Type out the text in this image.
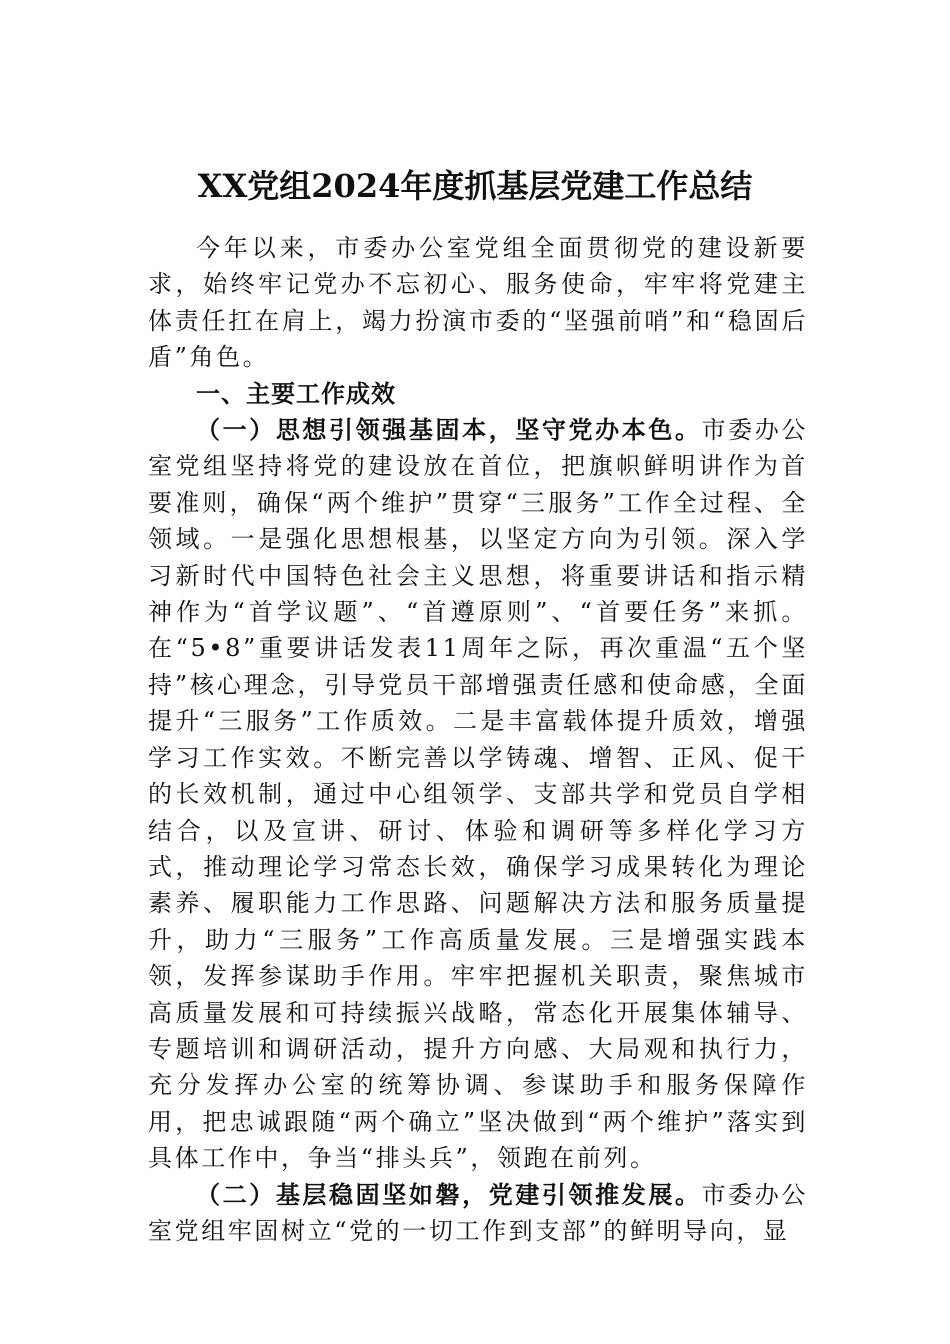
XX党组2024年度抓基层党建工作总结

今年以来，市委办公室党组全面贯彻党的建设新要求，始终牢记党办不忘初心、服务使命，牢牢将党建主体责任扛在肩上，竭力扮演市委的“坚强前哨”和“稳固后盾”角色。

一、主要工作成效

（一）思想引领强基固本，坚守党办本色。市委办公室党组坚持将党的建设放在首位，把旗帜鲜明讲作为首要准则，确保“两个维护”贯穿“三服务”工作全过程、全领域。一是强化思想根基，以坚定方向为引领。深入学习新时代中国特色社会主义思想，将重要讲话和指示精神作为“首学议题”、“首遵原则”、“首要任务”来抓。在“5•8”重要讲话发表11周年之际，再次重温“五个坚持”核心理念，引导党员干部增强责任感和使命感，全面提升“三服务”工作质效。二是丰富载体提升质效，增强学习工作实效。不断完善以学铸魂、增智、正风、促干的长效机制，通过中心组领学、支部共学和党员自学相结合，以及宣讲、研讨、体验和调研等多样化学习方式，推动理论学习常态长效，确保学习成果转化为理论素养、履职能力工作思路、问题解决方法和服务质量提升，助力“三服务”工作高质量发展。三是增强实践本领，发挥参谋助手作用。牢牢把握机关职责，聚焦城市高质量发展和可持续振兴战略，常态化开展集体辅导、专题培训和调研活动，提升方向感、大局观和执行力，充分发挥办公室的统筹协调、参谋助手和服务保障作用，把忠诚跟随“两个确立”坚决做到“两个维护”落实到具体工作中，争当“排头兵”，领跑在前列。

（二）基层稳固坚如磐，党建引领推发展。市委办公室党组牢固树立“党的一切工作到支部”的鲜明导向，显
